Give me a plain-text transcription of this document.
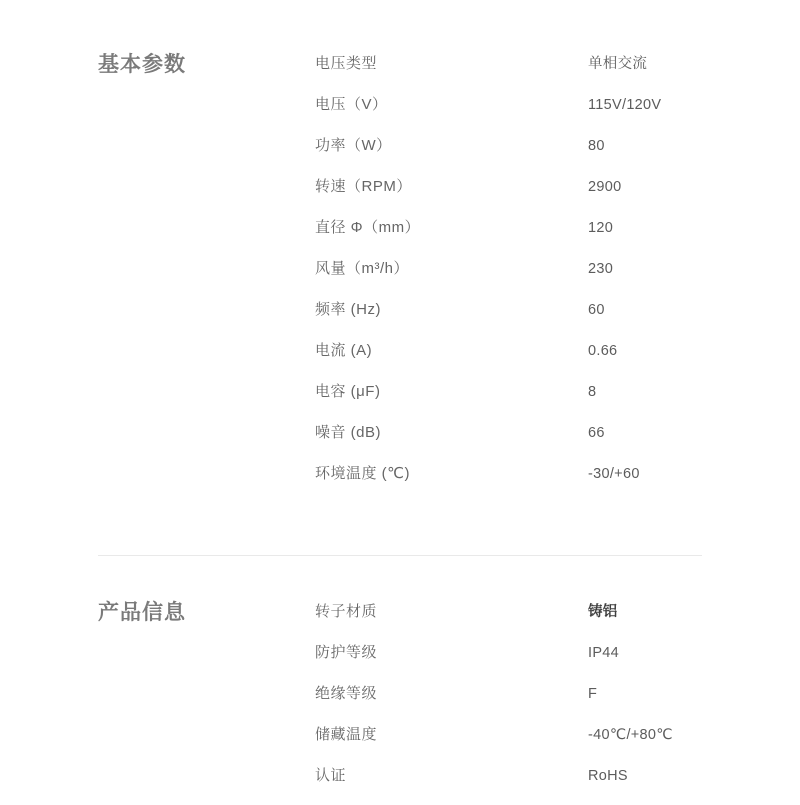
基本参数	电压类型	单相交流
电压（V）	115V/120V
功率（W）	80
转速（RPM）	2900
直径 Φ（mm）	120
风量（m³/h）	230
频率 (Hz)	60
电流 (A)	0.66
电容 (μF)	8
噪音 (dB)	66
环境温度 (℃)	-30/+60
产品信息	转子材质	铸铝
防护等级	IP44
绝缘等级	F
储藏温度	-40℃/+80℃
认证	RoHS
